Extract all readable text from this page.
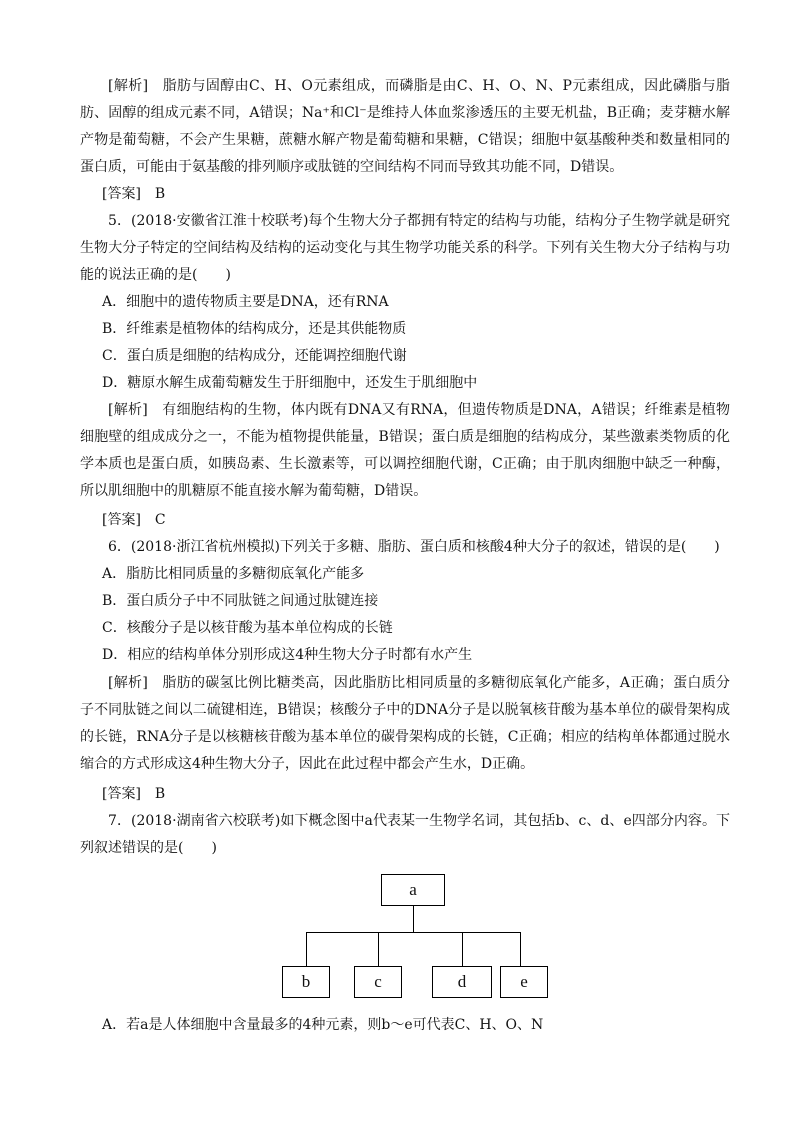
[解析]　脂肪与固醇由C、H、O元素组成，而磷脂是由C、H、O、N、P元素组成，因此磷脂与脂肪、固醇的组成元素不同，A错误；Na⁺和Cl⁻是维持人体血浆渗透压的主要无机盐，B正确；麦芽糖水解产物是葡萄糖，不会产生果糖，蔗糖水解产物是葡萄糖和果糖，C错误；细胞中氨基酸种类和数量相同的蛋白质，可能由于氨基酸的排列顺序或肽链的空间结构不同而导致其功能不同，D错误。

[答案]　B

5．(2018·安徽省江淮十校联考)每个生物大分子都拥有特定的结构与功能，结构分子生物学就是研究生物大分子特定的空间结构及结构的运动变化与其生物学功能关系的科学。下列有关生物大分子结构与功能的说法正确的是(　　)

A．细胞中的遗传物质主要是DNA，还有RNA
B．纤维素是植物体的结构成分，还是其供能物质
C．蛋白质是细胞的结构成分，还能调控细胞代谢
D．糖原水解生成葡萄糖发生于肝细胞中，还发生于肌细胞中

[解析]　有细胞结构的生物，体内既有DNA又有RNA，但遗传物质是DNA，A错误；纤维素是植物细胞壁的组成成分之一，不能为植物提供能量，B错误；蛋白质是细胞的结构成分，某些激素类物质的化学本质也是蛋白质，如胰岛素、生长激素等，可以调控细胞代谢，C正确；由于肌肉细胞中缺乏一种酶，所以肌细胞中的肌糖原不能直接水解为葡萄糖，D错误。

[答案]　C

6．(2018·浙江省杭州模拟)下列关于多糖、脂肪、蛋白质和核酸4种大分子的叙述，错误的是(　　)

A．脂肪比相同质量的多糖彻底氧化产能多
B．蛋白质分子中不同肽链之间通过肽键连接
C．核酸分子是以核苷酸为基本单位构成的长链
D．相应的结构单体分别形成这4种生物大分子时都有水产生

[解析]　脂肪的碳氢比例比糖类高，因此脂肪比相同质量的多糖彻底氧化产能多，A正确；蛋白质分子不同肽链之间以二硫键相连，B错误；核酸分子中的DNA分子是以脱氧核苷酸为基本单位的碳骨架构成的长链，RNA分子是以核糖核苷酸为基本单位的碳骨架构成的长链，C正确；相应的结构单体都通过脱水缩合的方式形成这4种生物大分子，因此在此过程中都会产生水，D正确。

[答案]　B

7．(2018·湖南省六校联考)如下概念图中a代表某一生物学名词，其包括b、c、d、e四部分内容。下列叙述错误的是(　　)

a
b	c	d	e
A．若a是人体细胞中含量最多的4种元素，则b～e可代表C、H、O、N
